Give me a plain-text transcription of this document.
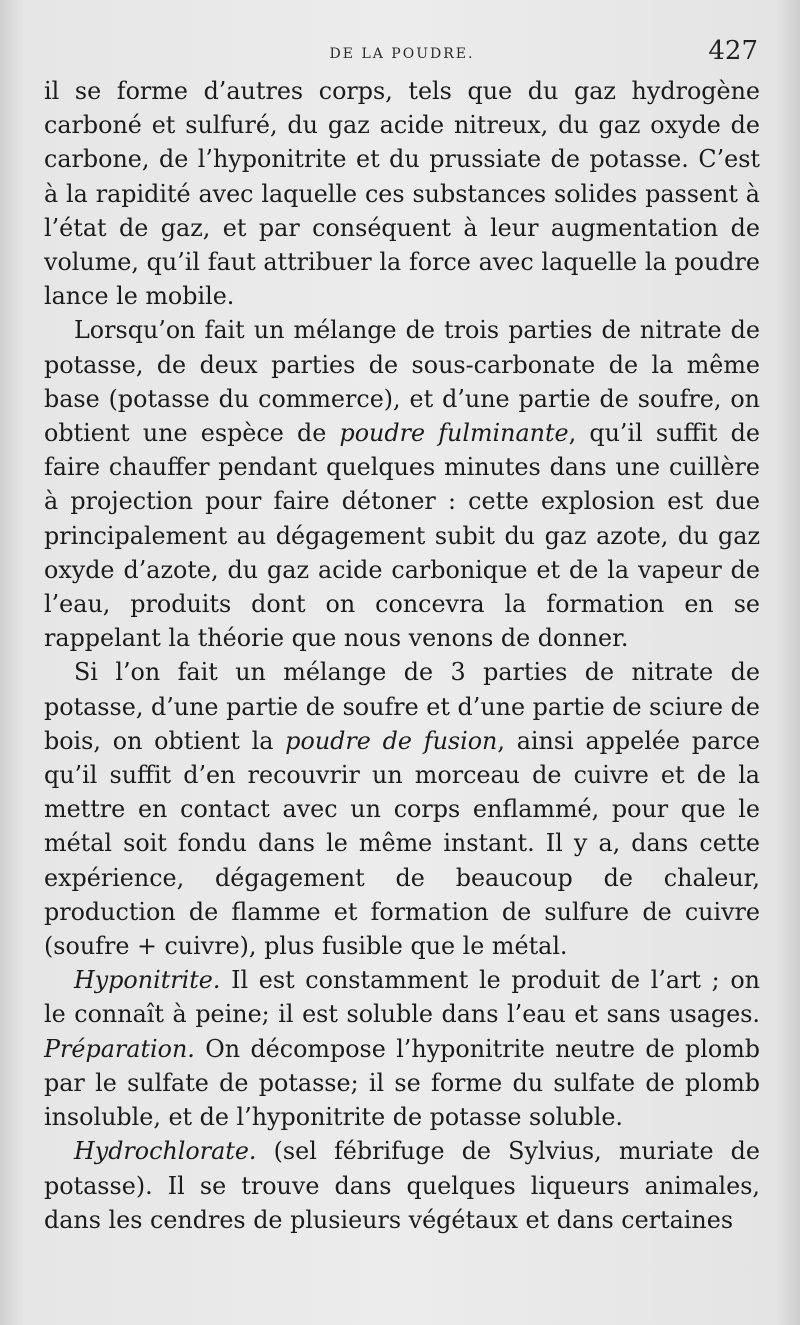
DE LA POUDRE.	427

il se forme d’autres corps, tels que du gaz hydrogène carboné et sulfuré, du gaz acide nitreux, du gaz oxyde de carbone, de l’hyponitrite et du prussiate de potasse. C’est à la rapidité avec laquelle ces substances solides passent à l’état de gaz, et par conséquent à leur augmentation de volume, qu’il faut attribuer la force avec laquelle la poudre lance le mobile.

Lorsqu’on fait un mélange de trois parties de nitrate de potasse, de deux parties de sous-carbonate de la même base (potasse du commerce), et d’une partie de soufre, on obtient une espèce de poudre fulminante, qu’il suffit de faire chauffer pendant quelques minutes dans une cuillère à projection pour faire détoner : cette explosion est due principalement au dégagement subit du gaz azote, du gaz oxyde d’azote, du gaz acide carbonique et de la vapeur de l’eau, produits dont on concevra la formation en se rappelant la théorie que nous venons de donner.

Si l’on fait un mélange de 3 parties de nitrate de potasse, d’une partie de soufre et d’une partie de sciure de bois, on obtient la poudre de fusion, ainsi appelée parce qu’il suffit d’en recouvrir un morceau de cuivre et de la mettre en contact avec un corps enflammé, pour que le métal soit fondu dans le même instant. Il y a, dans cette expérience, dégagement de beaucoup de chaleur, production de flamme et formation de sulfure de cuivre (soufre + cuivre), plus fusible que le métal.

Hyponitrite. Il est constamment le produit de l’art ; on le connaît à peine; il est soluble dans l’eau et sans usages. Préparation. On décompose l’hyponitrite neutre de plomb par le sulfate de potasse; il se forme du sulfate de plomb insoluble, et de l’hyponitrite de potasse soluble.

Hydrochlorate. (sel fébrifuge de Sylvius, muriate de potasse). Il se trouve dans quelques liqueurs animales, dans les cendres de plusieurs végétaux et dans certaines
